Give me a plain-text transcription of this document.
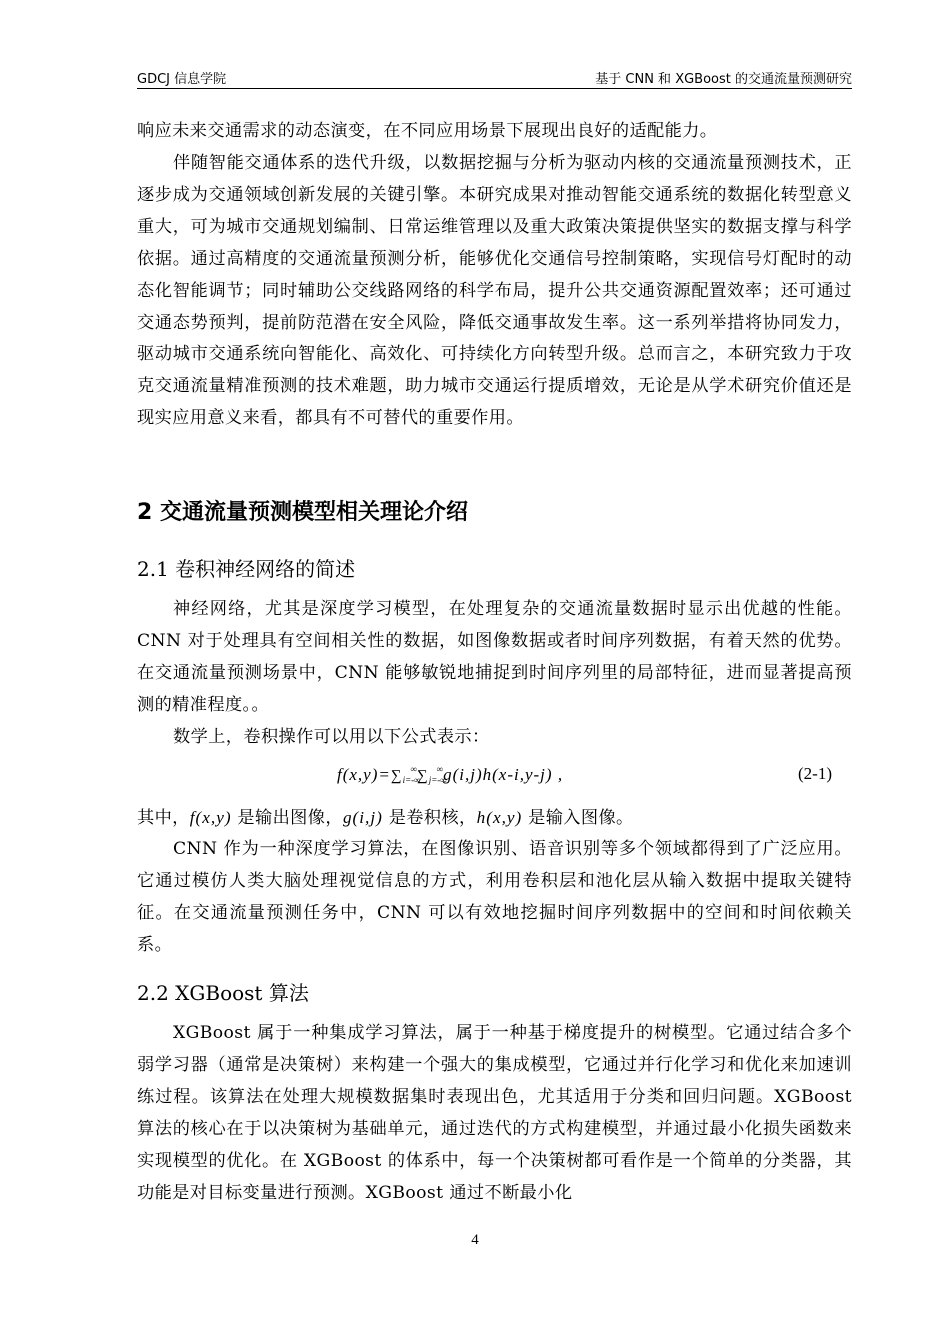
GDCJ 信息学院	基于 CNN 和 XGBoost 的交通流量预测研究

响应未来交通需求的动态演变，在不同应用场景下展现出良好的适配能力。

伴随智能交通体系的迭代升级，以数据挖掘与分析为驱动内核的交通流量预测技术，正逐步成为交通领域创新发展的关键引擎。本研究成果对推动智能交通系统的数据化转型意义重大，可为城市交通规划编制、日常运维管理以及重大政策决策提供坚实的数据支撑与科学依据。通过高精度的交通流量预测分析，能够优化交通信号控制策略，实现信号灯配时的动态化智能调节；同时辅助公交线路网络的科学布局，提升公共交通资源配置效率；还可通过交通态势预判，提前防范潜在安全风险，降低交通事故发生率。这一系列举措将协同发力，驱动城市交通系统向智能化、高效化、可持续化方向转型升级。总而言之，本研究致力于攻克交通流量精准预测的技术难题，助力城市交通运行提质增效，无论是从学术研究价值还是现实应用意义来看，都具有不可替代的重要作用。

2 交通流量预测模型相关理论介绍
2.1 卷积神经网络的简述

神经网络，尤其是深度学习模型，在处理复杂的交通流量数据时显示出优越的性能。CNN 对于处理具有空间相关性的数据，如图像数据或者时间序列数据，有着天然的优势。在交通流量预测场景中，CNN 能够敏锐地捕捉到时间序列里的局部特征，进而显著提高预测的精准程度。。

数学上，卷积操作可以用以下公式表示：

$f(x,y)=\sum_{i=-\infty}^\infty\sum_{j=-\infty}^\infty g(i,j)h(x-i,y-j)$ ,	(2-1)

其中，f(x,y) 是输出图像，g(i,j) 是卷积核，h(x,y) 是输入图像。

CNN 作为一种深度学习算法，在图像识别、语音识别等多个领域都得到了广泛应用。它通过模仿人类大脑处理视觉信息的方式，利用卷积层和池化层从输入数据中提取关键特征。在交通流量预测任务中，CNN 可以有效地挖掘时间序列数据中的空间和时间依赖关系。

2.2 XGBoost 算法

XGBoost 属于一种集成学习算法，属于一种基于梯度提升的树模型。它通过结合多个弱学习器（通常是决策树）来构建一个强大的集成模型，它通过并行化学习和优化来加速训练过程。该算法在处理大规模数据集时表现出色，尤其适用于分类和回归问题。XGBoost 算法的核心在于以决策树为基础单元，通过迭代的方式构建模型，并通过最小化损失函数来实现模型的优化。在 XGBoost 的体系中，每一个决策树都可看作是一个简单的分类器，其功能是对目标变量进行预测。XGBoost 通过不断最小化

4
